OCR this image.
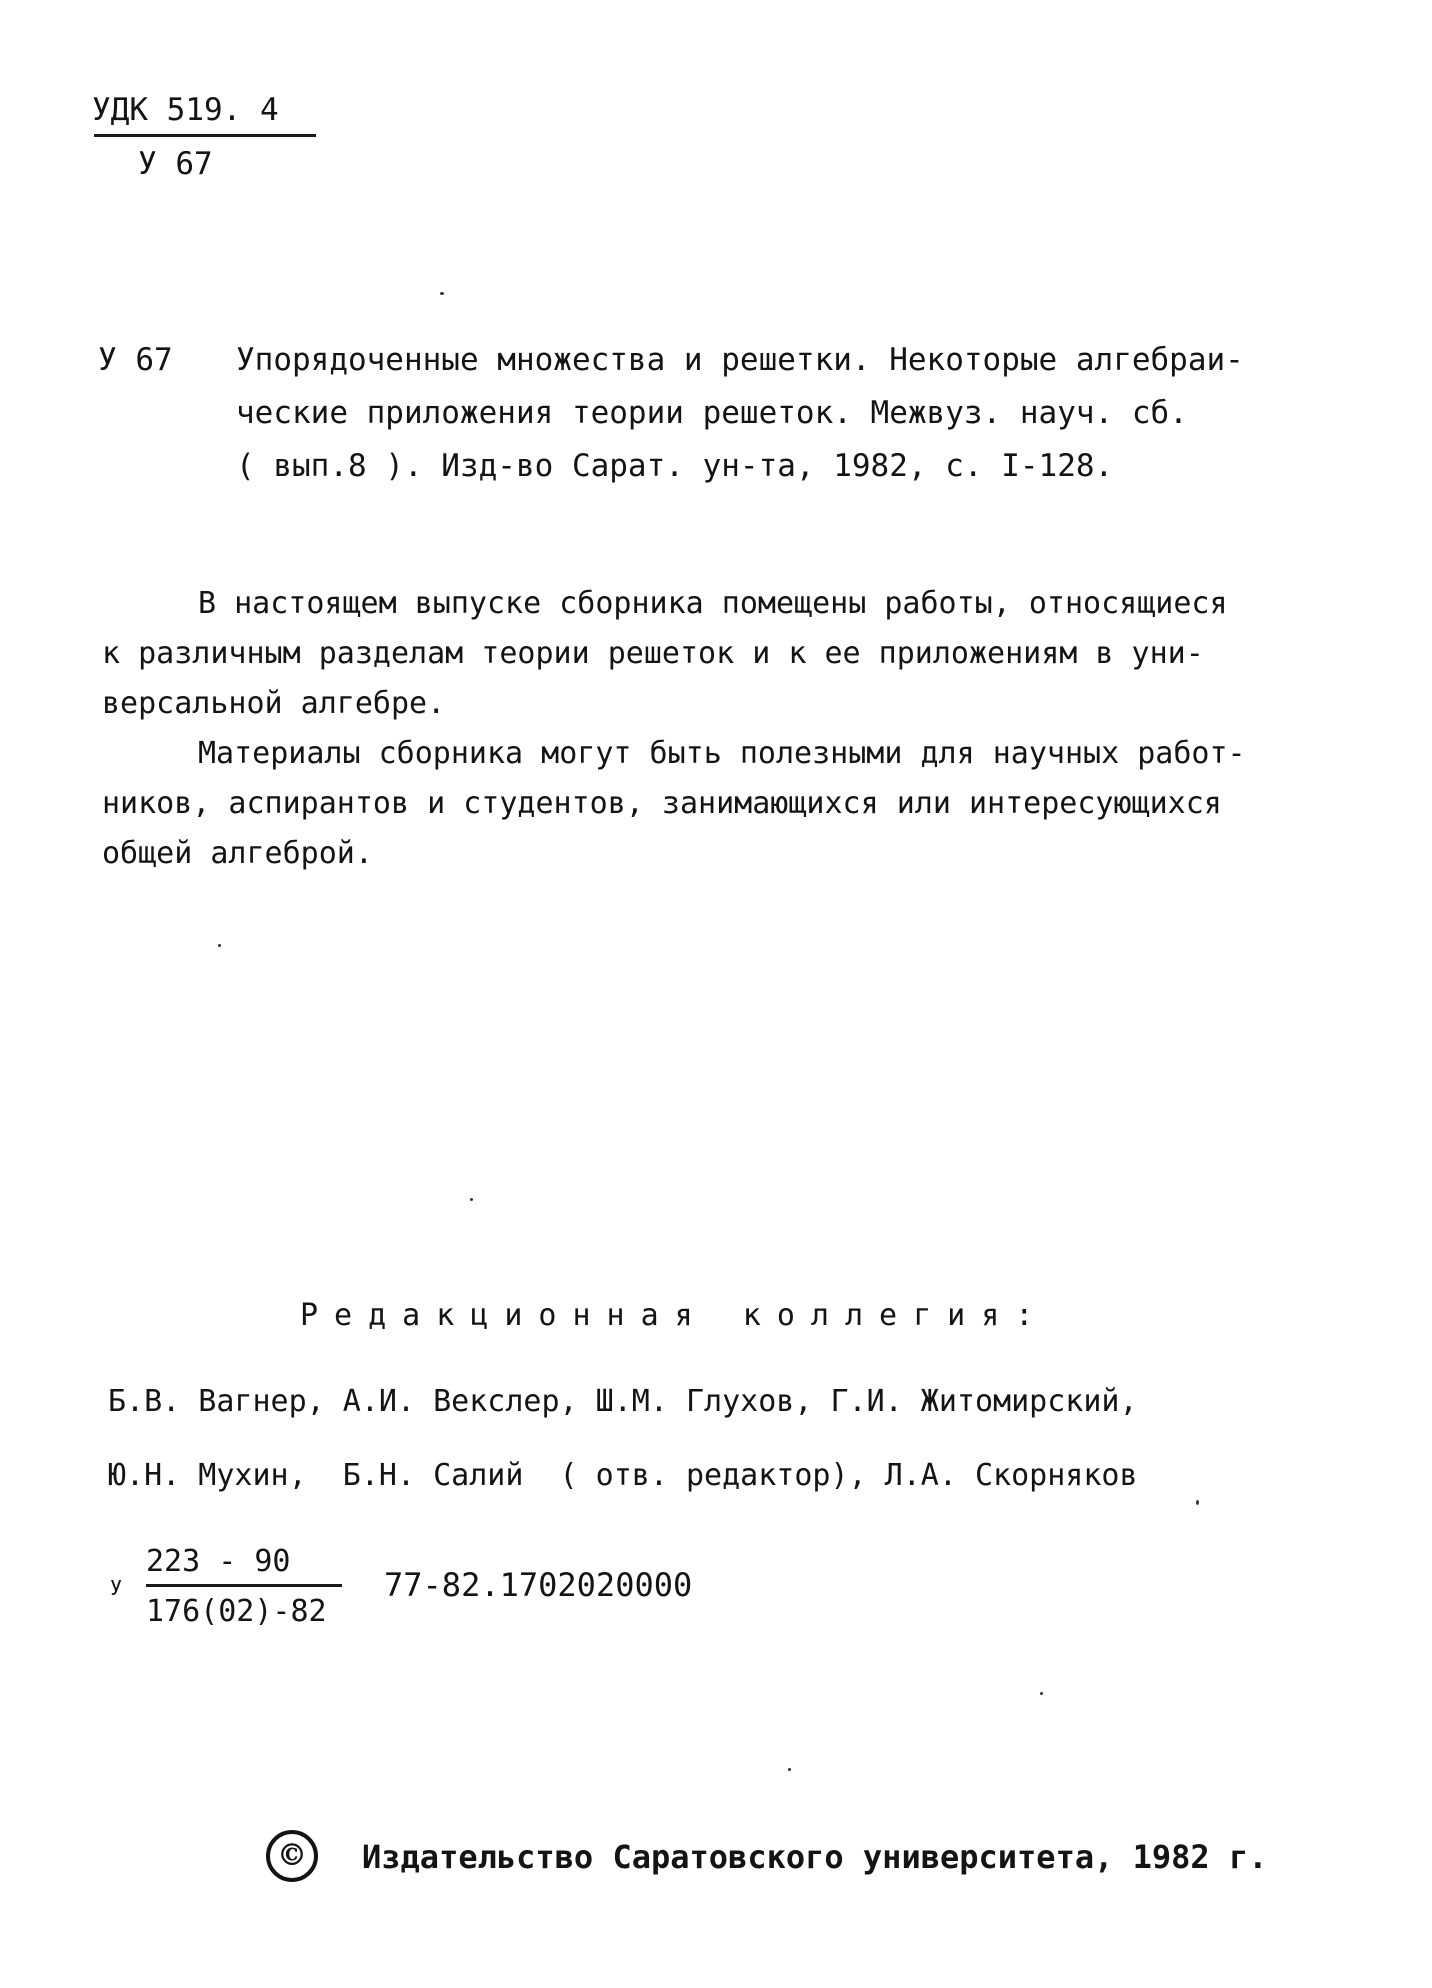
УДК 519. 4
У 67
У 67 Упорядоченные множества и решетки. Некоторые алгебраи-
ческие приложения теории решеток. Межвуз. науч. сб.
( вып.8 ). Изд-во Сарат. ун-та, 1982, с. I-128.
В настоящем выпуске сборника помещены работы, относящиеся
к различным разделам теории решеток и к ее приложениям в уни-
версальной алгебре.
Материалы сборника могут быть полезными для научных работ-
ников, аспирантов и студентов, занимающихся или интересующихся
общей алгеброй.
Редакционная коллегия:
Б.В. Вагнер, А.И. Векслер, Ш.М. Глухов, Г.И. Житомирский,
Ю.Н. Мухин,  Б.Н. Салий  ( отв. редактор), Л.А. Скорняков
У
223 - 90
176(02)-82
77-82.1702020000
© Издательство Саратовского университета, 1982 г.
